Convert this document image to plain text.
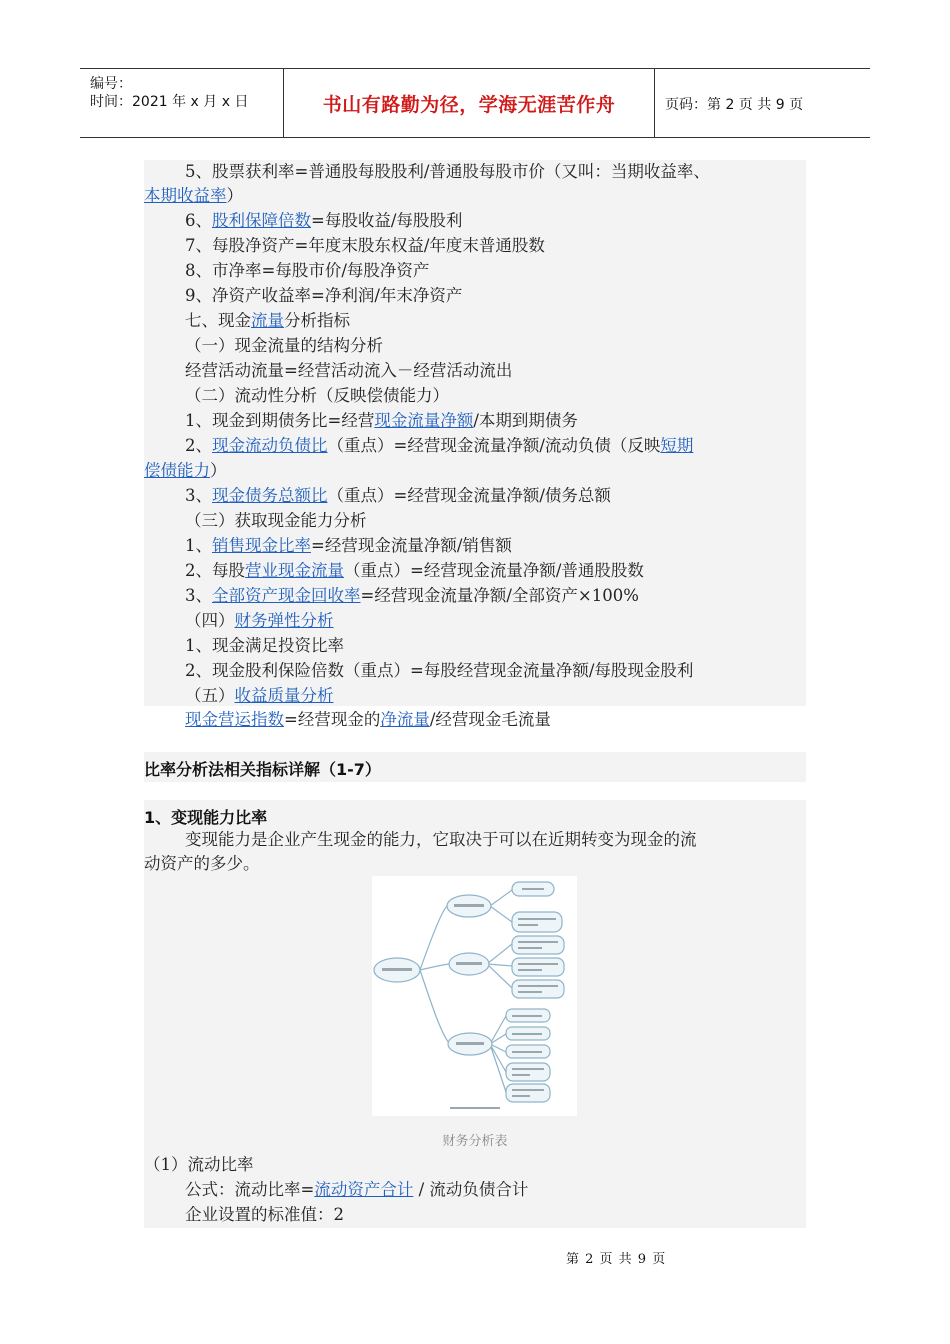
编号：
时间：2021 年 x 月 x 日	书山有路勤为径，学海无涯苦作舟	页码：第 2 页 共 9 页
5、股票获利率=普通股每股股利/普通股每股市价（又叫：当期收益率、
本期收益率）
6、股利保障倍数=每股收益/每股股利
7、每股净资产=年度末股东权益/年度末普通股数
8、市净率=每股市价/每股净资产
9、净资产收益率=净利润/年末净资产
七、现金流量分析指标
（一）现金流量的结构分析
经营活动流量=经营活动流入－经营活动流出
（二）流动性分析（反映偿债能力）
1、现金到期债务比=经营现金流量净额/本期到期债务
2、现金流动负债比（重点）=经营现金流量净额/流动负债（反映短期
偿债能力）
3、现金债务总额比（重点）=经营现金流量净额/债务总额
（三）获取现金能力分析
1、销售现金比率=经营现金流量净额/销售额
2、每股营业现金流量（重点）=经营现金流量净额/普通股股数
3、全部资产现金回收率=经营现金流量净额/全部资产×100%
（四）财务弹性分析
1、现金满足投资比率
2、现金股利保险倍数（重点）=每股经营现金流量净额/每股现金股利
（五）收益质量分析
现金营运指数=经营现金的净流量/经营现金毛流量
比率分析法相关指标详解（1-7）
1、变现能力比率
变现能力是企业产生现金的能力，它取决于可以在近期转变为现金的流
动资产的多少。
财务分析表
（1）流动比率
公式：流动比率=流动资产合计 / 流动负债合计
企业设置的标准值：2
第 2 页 共 9 页
